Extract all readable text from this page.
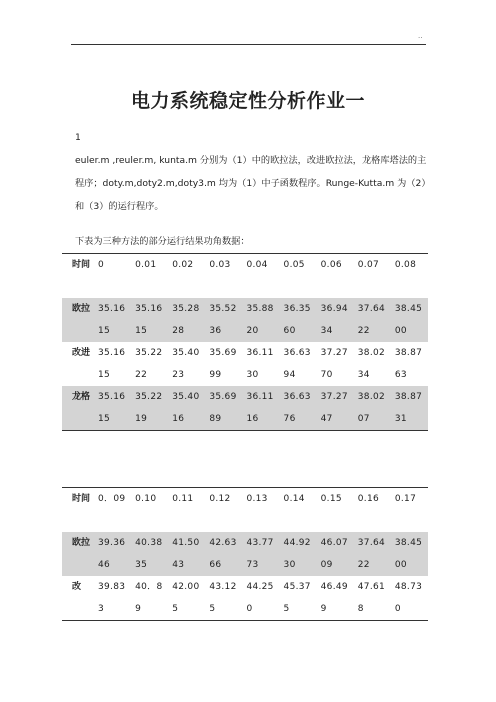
..
电力系统稳定性分析作业一
1
euler.m ,reuler.m, kunta.m 分别为（1）中的欧拉法，改进欧拉法，龙格库塔法的主程序；doty.m,doty2.m,doty3.m 均为（1）中子函数程序。Runge-Kutta.m 为（2）和（3）的运行程序。
下表为三种方法的部分运行结果功角数据：
时间	0	0.01	0.02	0.03	0.04	0.05	0.06	0.07	0.08
欧拉	35.1615	35.1615	35.2828	35.5236	35.8820	36.3560	36.9434	37.6422	38.4500
改进	35.1615	35.2222	35.4023	35.6999	36.1130	36.6394	37.2770	38.0234	38.8763
龙格	35.1615	35.2219	35.4016	35.6989	36.1116	36.6376	37.2747	38.0207	38.8731
时间	0．09	0.10	0.11	0.12	0.13	0.14	0.15	0.16	0.17
欧拉	39.3646	40.3835	41.5043	42.6366	43.7773	44.9230	46.0709	37.6422	38.4500
改	39.833	40．89	42.005	43.125	44.250	45.375	46.499	47.618	48.730
